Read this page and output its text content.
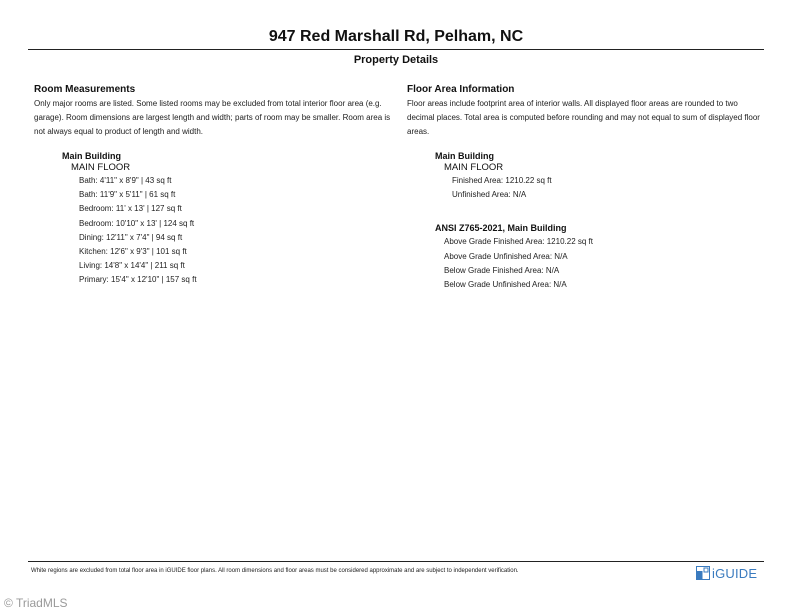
947 Red Marshall Rd, Pelham, NC
Property Details
Room Measurements

Only major rooms are listed. Some listed rooms may be excluded from total interior floor area (e.g. garage). Room dimensions are largest length and width; parts of room may be smaller. Room area is not always equal to product of length and width.

Main Building
MAIN FLOOR
Bath: 4'11" x 8'9" | 43 sq ft
Bath: 11'9" x 5'11" | 61 sq ft
Bedroom: 11' x 13' | 127 sq ft
Bedroom: 10'10" x 13' | 124 sq ft
Dining: 12'11" x 7'4" | 94 sq ft
Kitchen: 12'6" x 9'3" | 101 sq ft
Living: 14'8" x 14'4" | 211 sq ft
Primary: 15'4" x 12'10" | 157 sq ft
Floor Area Information

Floor areas include footprint area of interior walls. All displayed floor areas are rounded to two decimal places. Total area is computed before rounding and may not equal to sum of displayed floor areas.

Main Building
MAIN FLOOR
Finished Area: 1210.22 sq ft
Unfinished Area: N/A
ANSI Z765-2021, Main Building
Above Grade Finished Area: 1210.22 sq ft
Above Grade Unfinished Area: N/A
Below Grade Finished Area: N/A
Below Grade Unfinished Area: N/A
White regions are excluded from total floor area in iGUIDE floor plans. All room dimensions and floor areas must be considered approximate and are subject to independent verification.	iGUIDE
© TriadMLS
